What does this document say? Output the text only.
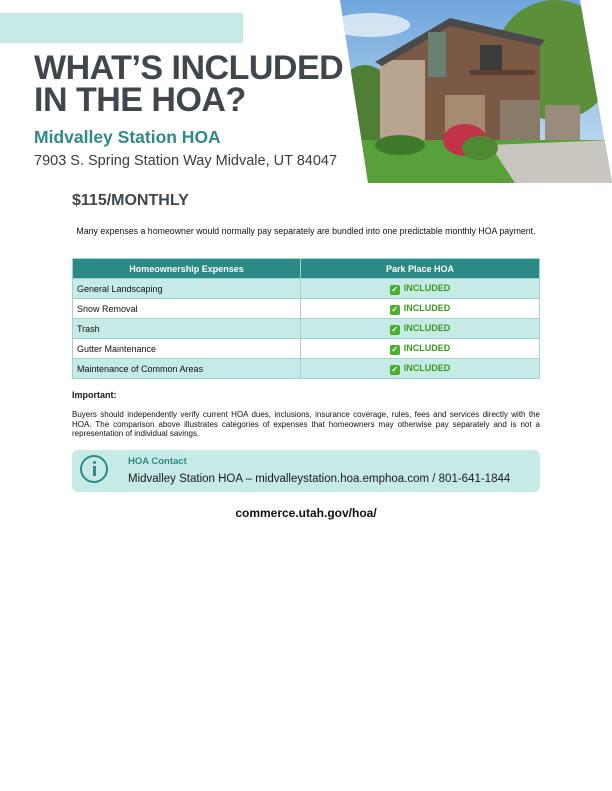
WHAT’S INCLUDED
IN THE HOA?
Midvalley Station HOA
7903 S. Spring Station Way Midvale, UT 84047
$115/MONTHLY
Many expenses a homeowner would normally pay separately are bundled into one predictable monthly HOA payment.
Homeownership Expenses	Park Place HOA
General Landscaping	✓ INCLUDED
Snow Removal	✓ INCLUDED
Trash	✓ INCLUDED
Gutter Maintenance	✓ INCLUDED
Maintenance of Common Areas	✓ INCLUDED
Important:
Buyers should independently verify current HOA dues, inclusions, insurance coverage, rules, fees and services directly with the HOA. The comparison above illustrates categories of expenses that homeowners may otherwise pay separately and is not a representation of individual savings.
HOA Contact
Midvalley Station HOA – midvalleystation.hoa.emphoa.com / 801-641-1844
commerce.utah.gov/hoa/
